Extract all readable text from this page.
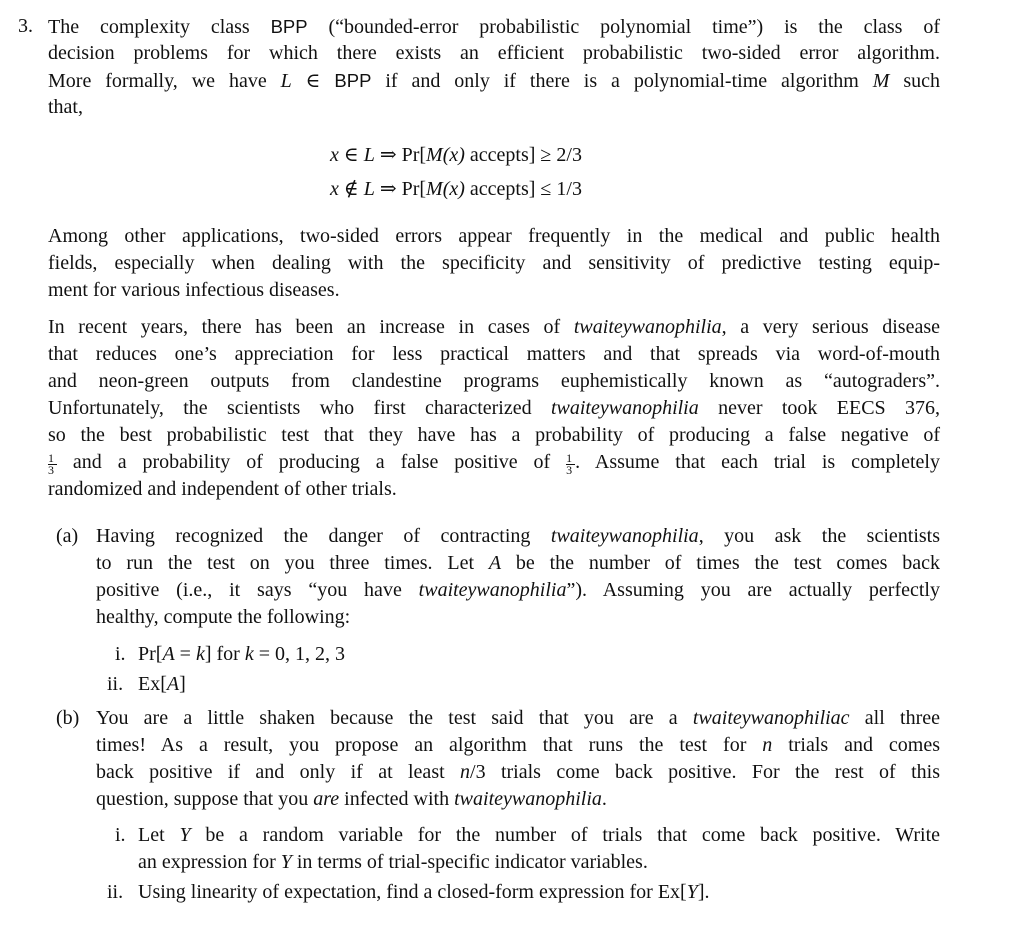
3. The complexity class BPP (“bounded-error probabilistic polynomial time”) is the class of
decision problems for which there exists an efficient probabilistic two-sided error algorithm.
More formally, we have L ∈ BPP if and only if there is a polynomial-time algorithm M such
that,
x ∈ L ⇒ Pr[M(x) accepts] ≥ 2/3
x ∉ L ⇒ Pr[M(x) accepts] ≤ 1/3
Among other applications, two-sided errors appear frequently in the medical and public health
fields, especially when dealing with the specificity and sensitivity of predictive testing equip-
ment for various infectious diseases.
In recent years, there has been an increase in cases of twaiteywanophilia, a very serious disease
that reduces one’s appreciation for less practical matters and that spreads via word-of-mouth
and neon-green outputs from clandestine programs euphemistically known as “autograders”.
Unfortunately, the scientists who first characterized twaiteywanophilia never took EECS 376,
so the best probabilistic test that they have has a probability of producing a false negative of
$\frac{1}{3}$ and a probability of producing a false positive of $\frac{1}{3}$ . Assume that each trial is completely
randomized and independent of other trials.
(a) Having recognized the danger of contracting twaiteywanophilia, you ask the scientists
to run the test on you three times. Let A be the number of times the test comes back
positive (i.e., it says “you have twaiteywanophilia”). Assuming you are actually perfectly
healthy, compute the following:
i. Pr[A = k] for k = 0, 1, 2, 3
ii. Ex[A]
(b) You are a little shaken because the test said that you are a twaiteywanophiliac all three
times! As a result, you propose an algorithm that runs the test for n trials and comes
back positive if and only if at least n/3 trials come back positive. For the rest of this
question, suppose that you are infected with twaiteywanophilia.
i. Let Y be a random variable for the number of trials that come back positive. Write
an expression for Y in terms of trial-specific indicator variables.
ii. Using linearity of expectation, find a closed-form expression for Ex[Y].
